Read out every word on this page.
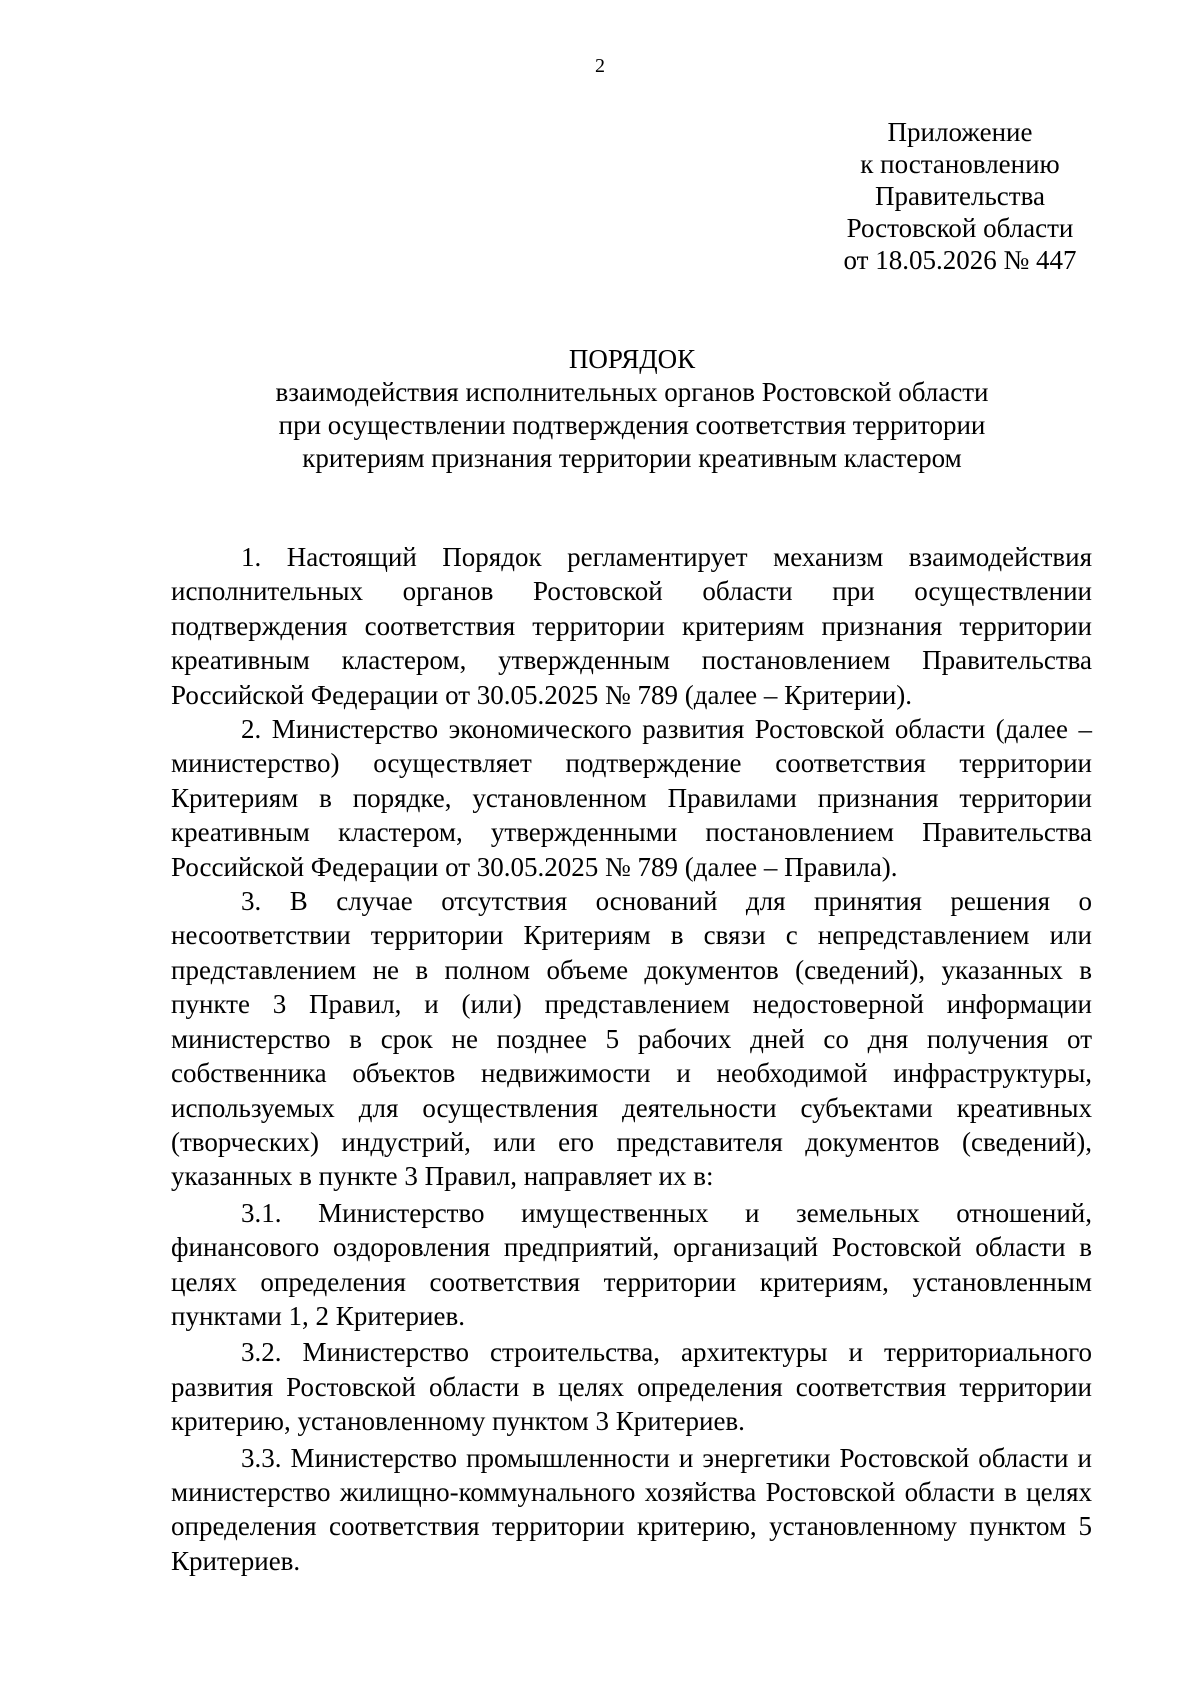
2
Приложение
к постановлению
Правительства
Ростовской области
от 18.05.2026 № 447
ПОРЯДОК
взаимодействия исполнительных органов Ростовской области
при осуществлении подтверждения соответствия территории
критериям признания территории креативным кластером

1. Настоящий Порядок регламентирует механизм взаимодействия исполнительных органов Ростовской области при осуществлении подтверждения соответствия территории критериям признания территории креативным кластером, утвержденным постановлением Правительства Российской Федерации от 30.05.2025 № 789 (далее – Критерии).

2. Министерство экономического развития Ростовской области (далее – министерство) осуществляет подтверждение соответствия территории Критериям в порядке, установленном Правилами признания территории креативным кластером, утвержденными постановлением Правительства Российской Федерации от 30.05.2025 № 789 (далее – Правила).

3. В случае отсутствия оснований для принятия решения о несоответствии территории Критериям в связи с непредставлением или представлением не в полном объеме документов (сведений), указанных в пункте 3 Правил, и (или) представлением недостоверной информации министерство в срок не позднее 5 рабочих дней со дня получения от собственника объектов недвижимости и необходимой инфраструктуры, используемых для осуществления деятельности субъектами креативных (творческих) индустрий, или его представителя документов (сведений), указанных в пункте 3 Правил, направляет их в:

3.1. Министерство имущественных и земельных отношений, финансового оздоровления предприятий, организаций Ростовской области в целях определения соответствия территории критериям, установленным пунктами 1, 2 Критериев.

3.2. Министерство строительства, архитектуры и территориального развития Ростовской области в целях определения соответствия территории критерию, установленному пунктом 3 Критериев.

3.3. Министерство промышленности и энергетики Ростовской области и министерство жилищно-коммунального хозяйства Ростовской области в целях определения соответствия территории критерию, установленному пунктом 5 Критериев.
